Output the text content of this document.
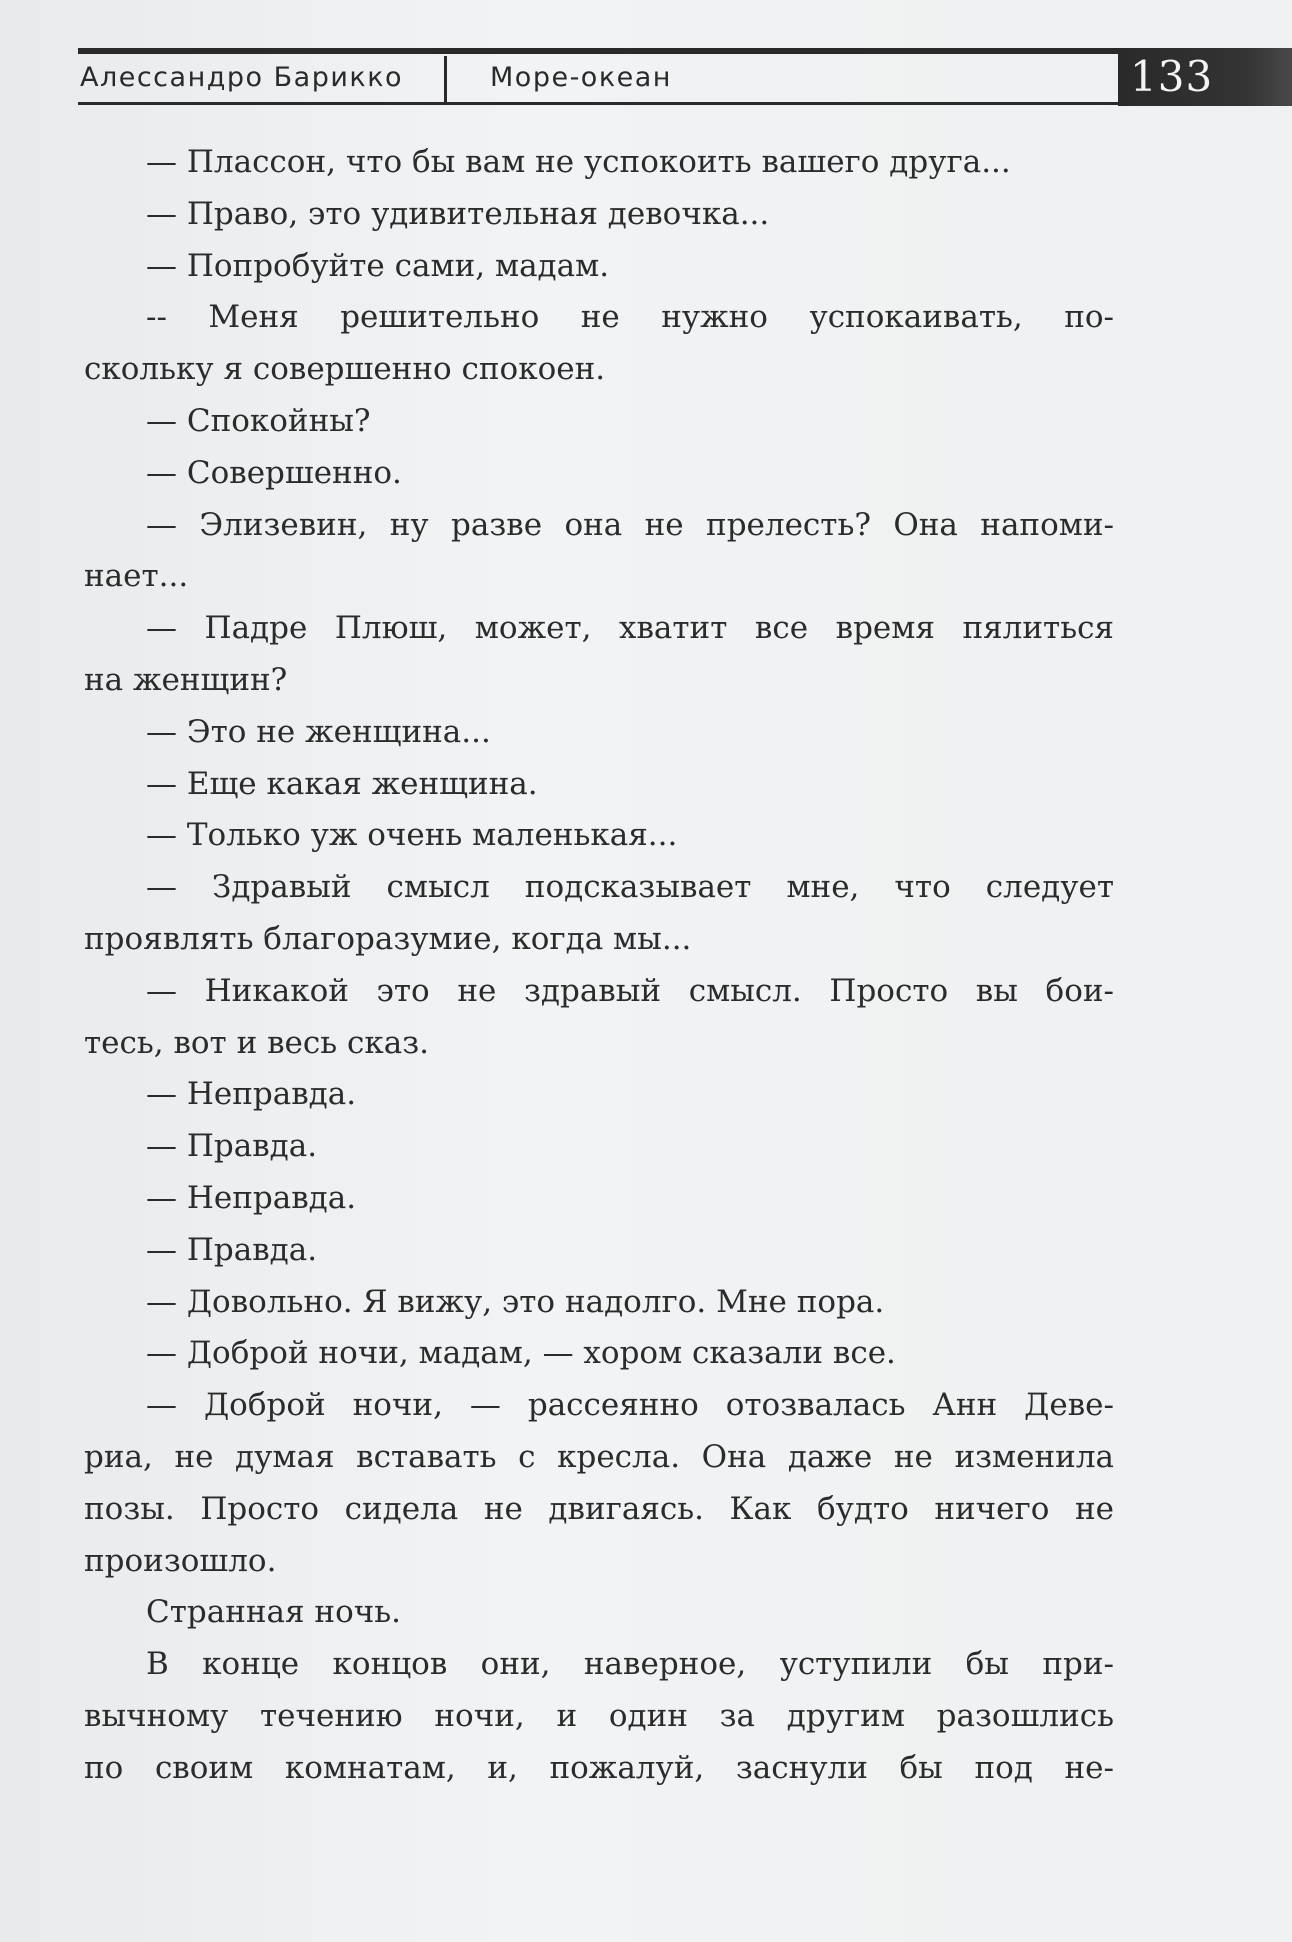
Алессандро Барикко	Море-океан	133
— Плассон, что бы вам не успокоить вашего друга...
— Право, это удивительная девочка...
— Попробуйте сами, мадам.
-- Меня решительно не нужно успокаивать, по-
скольку я совершенно спокоен.
— Спокойны?
— Совершенно.
— Элизевин, ну разве она не прелесть? Она напоми-
нает...
— Падре Плюш, может, хватит все время пялиться
на женщин?
— Это не женщина...
— Еще какая женщина.
— Только уж очень маленькая...
— Здравый смысл подсказывает мне, что следует
проявлять благоразумие, когда мы...
— Никакой это не здравый смысл. Просто вы бои-
тесь, вот и весь сказ.
— Неправда.
— Правда.
— Неправда.
— Правда.
— Довольно. Я вижу, это надолго. Мне пора.
— Доброй ночи, мадам, — хором сказали все.
— Доброй ночи, — рассеянно отозвалась Анн Деве-
риа, не думая вставать с кресла. Она даже не изменила
позы. Просто сидела не двигаясь. Как будто ничего не
произошло.
Странная ночь.
В конце концов они, наверное, уступили бы при-
вычному течению ночи, и один за другим разошлись
по своим комнатам, и, пожалуй, заснули бы под не-
